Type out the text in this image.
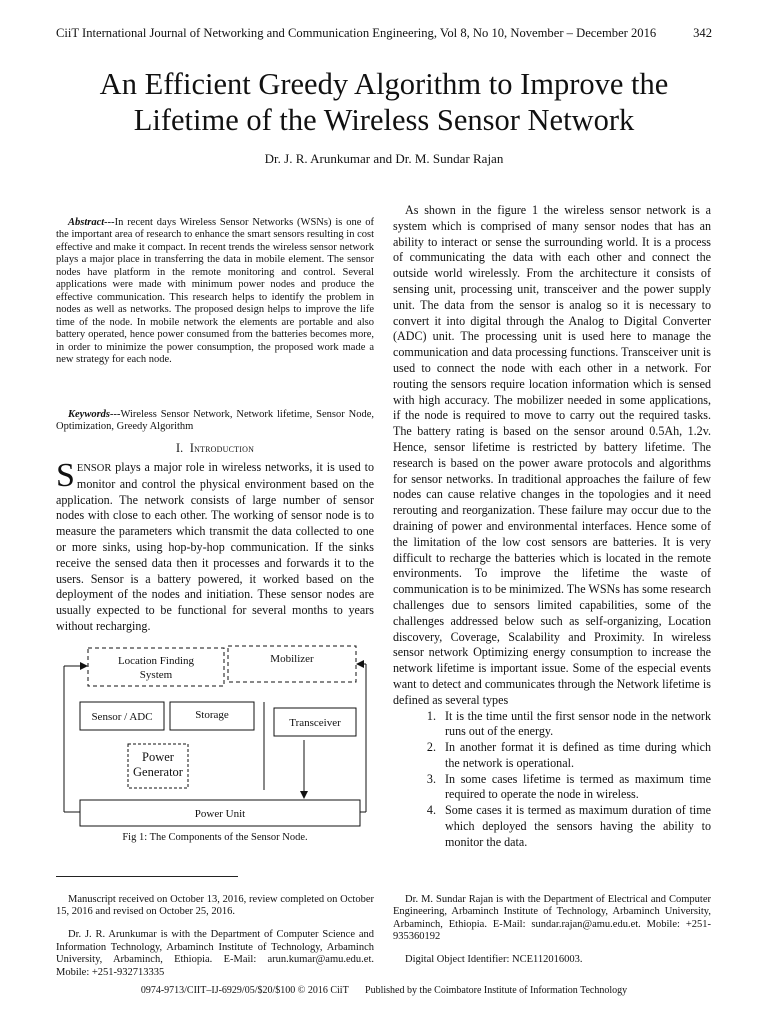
CiiT International Journal of Networking and Communication Engineering, Vol 8, No 10, November – December 2016	342
An Efficient Greedy Algorithm to Improve the
Lifetime of the Wireless Sensor Network
Dr. J. R. Arunkumar and Dr. M. Sundar Rajan

Abstract---In recent days Wireless Sensor Networks (WSNs) is one of the important area of research to enhance the smart sensors resulting in cost effective and make it compact. In recent trends the wireless sensor network plays a major place in transferring the data in mobile element. The sensor nodes have platform in the remote monitoring and control. Several applications were made with minimum power nodes and produce the effective communication. This research helps to identify the problem in nodes as well as networks. The proposed design helps to improve the life time of the node. In mobile network the elements are portable and also battery operated, hence power consumed from the batteries becomes more, in order to minimize the power consumption, the proposed work made a new strategy for each node.

Keywords---Wireless Sensor Network, Network lifetime, Sensor Node, Optimization, Greedy Algorithm

I. Introduction

SENSOR plays a major role in wireless networks, it is used to monitor and control the physical environment based on the application. The network consists of large number of sensor nodes with close to each other. The working of sensor node is to measure the parameters which transmit the data collected to one or more sinks, using hop-by-hop communication. If the sinks receive the sensed data then it processes and forwards it to the users. Sensor is a battery powered, it worked based on the deployment of the nodes and initiation. These sensor nodes are usually expected to be functional for several months to years without recharging.

Location Finding
System
Mobilizer
Sensor / ADC	Storage
Transceiver
Power
Generator
Power Unit
Fig 1: The Components of the Sensor Node.

As shown in the figure 1 the wireless sensor network is a system which is comprised of many sensor nodes that has an ability to interact or sense the surrounding world. It is a process of communicating the data with each other and connect the outside world wirelessly. From the architecture it consists of sensing unit, processing unit, transceiver and the power supply unit. The data from the sensor is analog so it is necessary to convert it into digital through the Analog to Digital Converter (ADC) unit. The processing unit is used here to manage the communication and data processing functions. Transceiver unit is used to connect the node with each other in a network. For routing the sensors require location information which is sensed with high accuracy. The mobilizer needed in some applications, if the node is required to move to carry out the required tasks. The battery rating is based on the sensor around 0.5Ah, 1.2v. Hence, sensor lifetime is restricted by battery lifetime. The research is based on the power aware protocols and algorithms for sensor networks. In traditional approaches the failure of few nodes can cause relative changes in the topologies and it need rerouting and reorganization. These failure may occur due to the draining of power and environmental interfaces. Hence some of the limitation of the low cost sensors are batteries. It is very difficult to recharge the batteries which is located in the remote environments. To improve the lifetime the waste of communication is to be minimized. The WSNs has some research challenges due to sensors limited capabilities, some of the challenges addressed below such as self-organizing, Location discovery, Coverage, Scalability and Proximity. In wireless sensor network Optimizing energy consumption to increase the network lifetime is important issue. Some of the especial events want to detect and communicates through the Network lifetime is defined as several types

1. It is the time until the first sensor node in the network runs out of the energy.
2. In another format it is defined as time during which the network is operational.
3. In some cases lifetime is termed as maximum time required to operate the node in wireless.
4. Some cases it is termed as maximum duration of time which deployed the sensors having the ability to monitor the data.

Manuscript received on October 13, 2016, review completed on October 15, 2016 and revised on October 25, 2016.

Dr. J. R. Arunkumar is with the Department of Computer Science and Information Technology, Arbaminch Institute of Technology, Arbaminch University, Arbaminch, Ethiopia. E-Mail: arun.kumar@amu.edu.et. Mobile: +251-932713335

Dr. M. Sundar Rajan is with the Department of Electrical and Computer Engineering, Arbaminch Institute of Technology, Arbaminch University, Arbaminch, Ethiopia. E-Mail: sundar.rajan@amu.edu.et. Mobile: +251-935360192

Digital Object Identifier: NCE112016003.

0974-9713/CIIT–IJ-6929/05/$20/$100 © 2016 CiiT Published by the Coimbatore Institute of Information Technology
